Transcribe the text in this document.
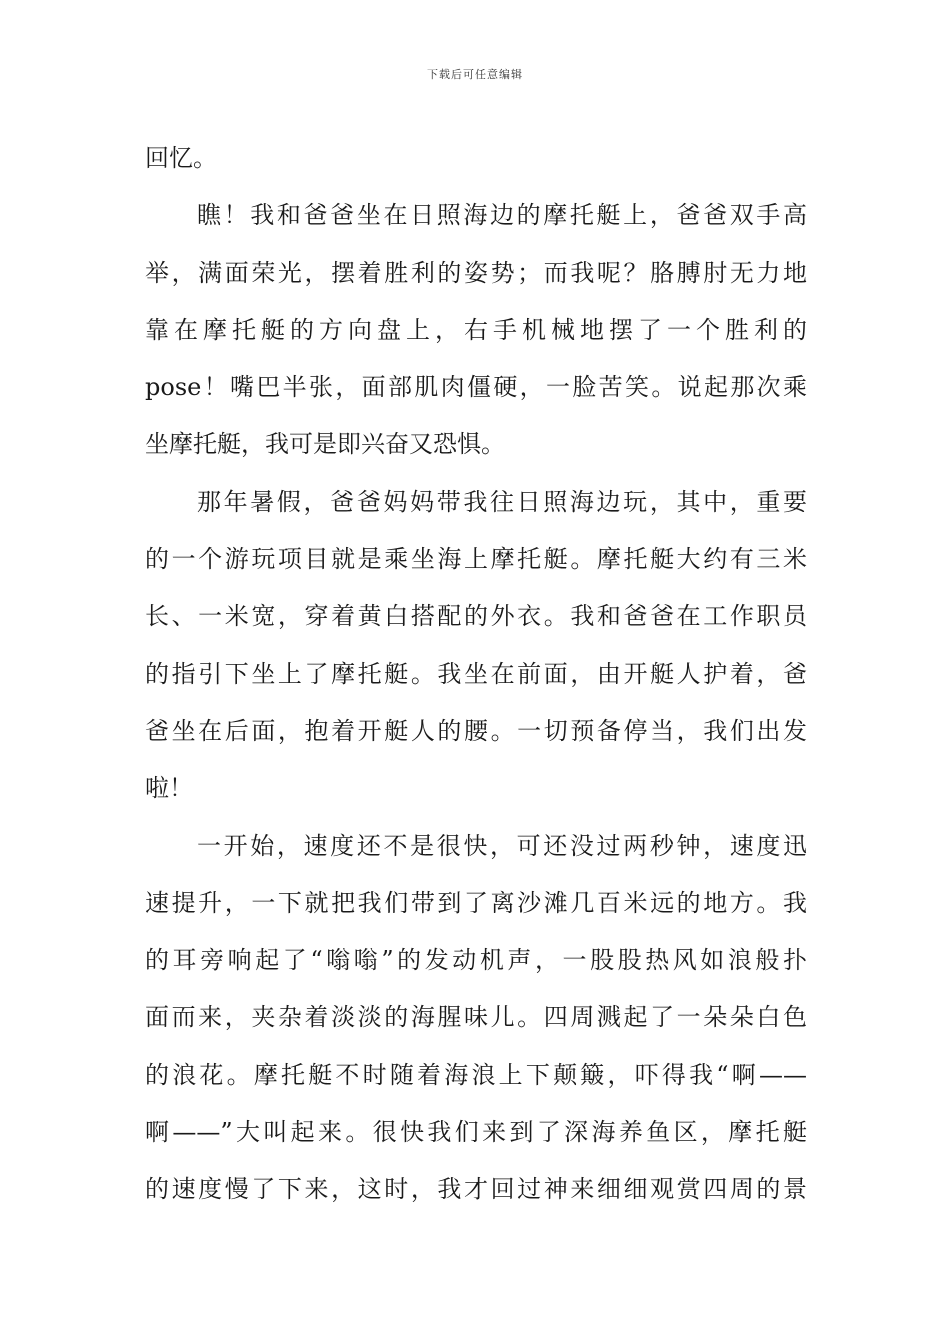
下载后可任意编辑
回忆。
瞧！我和爸爸坐在日照海边的摩托艇上，爸爸双手高
举，满面荣光，摆着胜利的姿势；而我呢？胳膊肘无力地
靠在摩托艇的方向盘上，右手机械地摆了一个胜利的
pose！嘴巴半张，面部肌肉僵硬，一脸苦笑。说起那次乘
坐摩托艇，我可是即兴奋又恐惧。
那年暑假，爸爸妈妈带我往日照海边玩，其中，重要
的一个游玩项目就是乘坐海上摩托艇。摩托艇大约有三米
长、一米宽，穿着黄白搭配的外衣。我和爸爸在工作职员
的指引下坐上了摩托艇。我坐在前面，由开艇人护着，爸
爸坐在后面，抱着开艇人的腰。一切预备停当，我们出发
啦！
一开始，速度还不是很快，可还没过两秒钟，速度迅
速提升，一下就把我们带到了离沙滩几百米远的地方。我
的耳旁响起了“嗡嗡”的发动机声，一股股热风如浪般扑
面而来，夹杂着淡淡的海腥味儿。四周溅起了一朵朵白色
的浪花。摩托艇不时随着海浪上下颠簸，吓得我“啊——
啊——”大叫起来。很快我们来到了深海养鱼区，摩托艇
的速度慢了下来，这时，我才回过神来细细观赏四周的景
